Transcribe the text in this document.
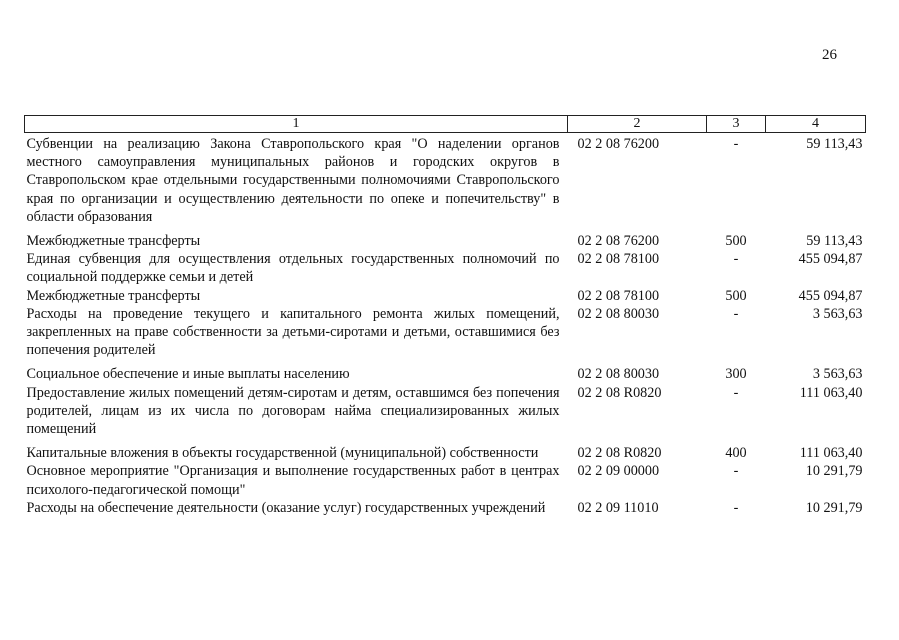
26
1	2	3	4
Субвенции на реализацию Закона Ставропольского края "О наделении органов местного самоуправления муниципальных районов и городских округов в Ставропольском крае отдельными государственными полномочиями Ставропольского края по организации и осуществлению деятельности по опеке и попечительству" в области образования	02 2 08 76200	-	59 113,43
Межбюджетные трансферты	02 2 08 76200	500	59 113,43
Единая субвенция для осуществления отдельных государственных полномочий по социальной поддержке семьи и детей	02 2 08 78100	-	455 094,87
Межбюджетные трансферты	02 2 08 78100	500	455 094,87
Расходы на проведение текущего и капитального ремонта жилых помещений, закрепленных на праве собственности за детьми-сиротами и детьми, оставшимися без попечения родителей	02 2 08 80030	-	3 563,63
Социальное обеспечение и иные выплаты населению	02 2 08 80030	300	3 563,63
Предоставление жилых помещений детям-сиротам и детям, оставшимся без попечения родителей, лицам из их числа по договорам найма специализированных жилых помещений	02 2 08 R0820	-	111 063,40
Капитальные вложения в объекты государственной (муниципальной) собственности	02 2 08 R0820	400	111 063,40
Основное мероприятие "Организация и выполнение государственных работ в центрах психолого-педагогической помощи"	02 2 09 00000	-	10 291,79
Расходы на обеспечение деятельности (оказание услуг) государственных учреждений	02 2 09 11010	-	10 291,79
